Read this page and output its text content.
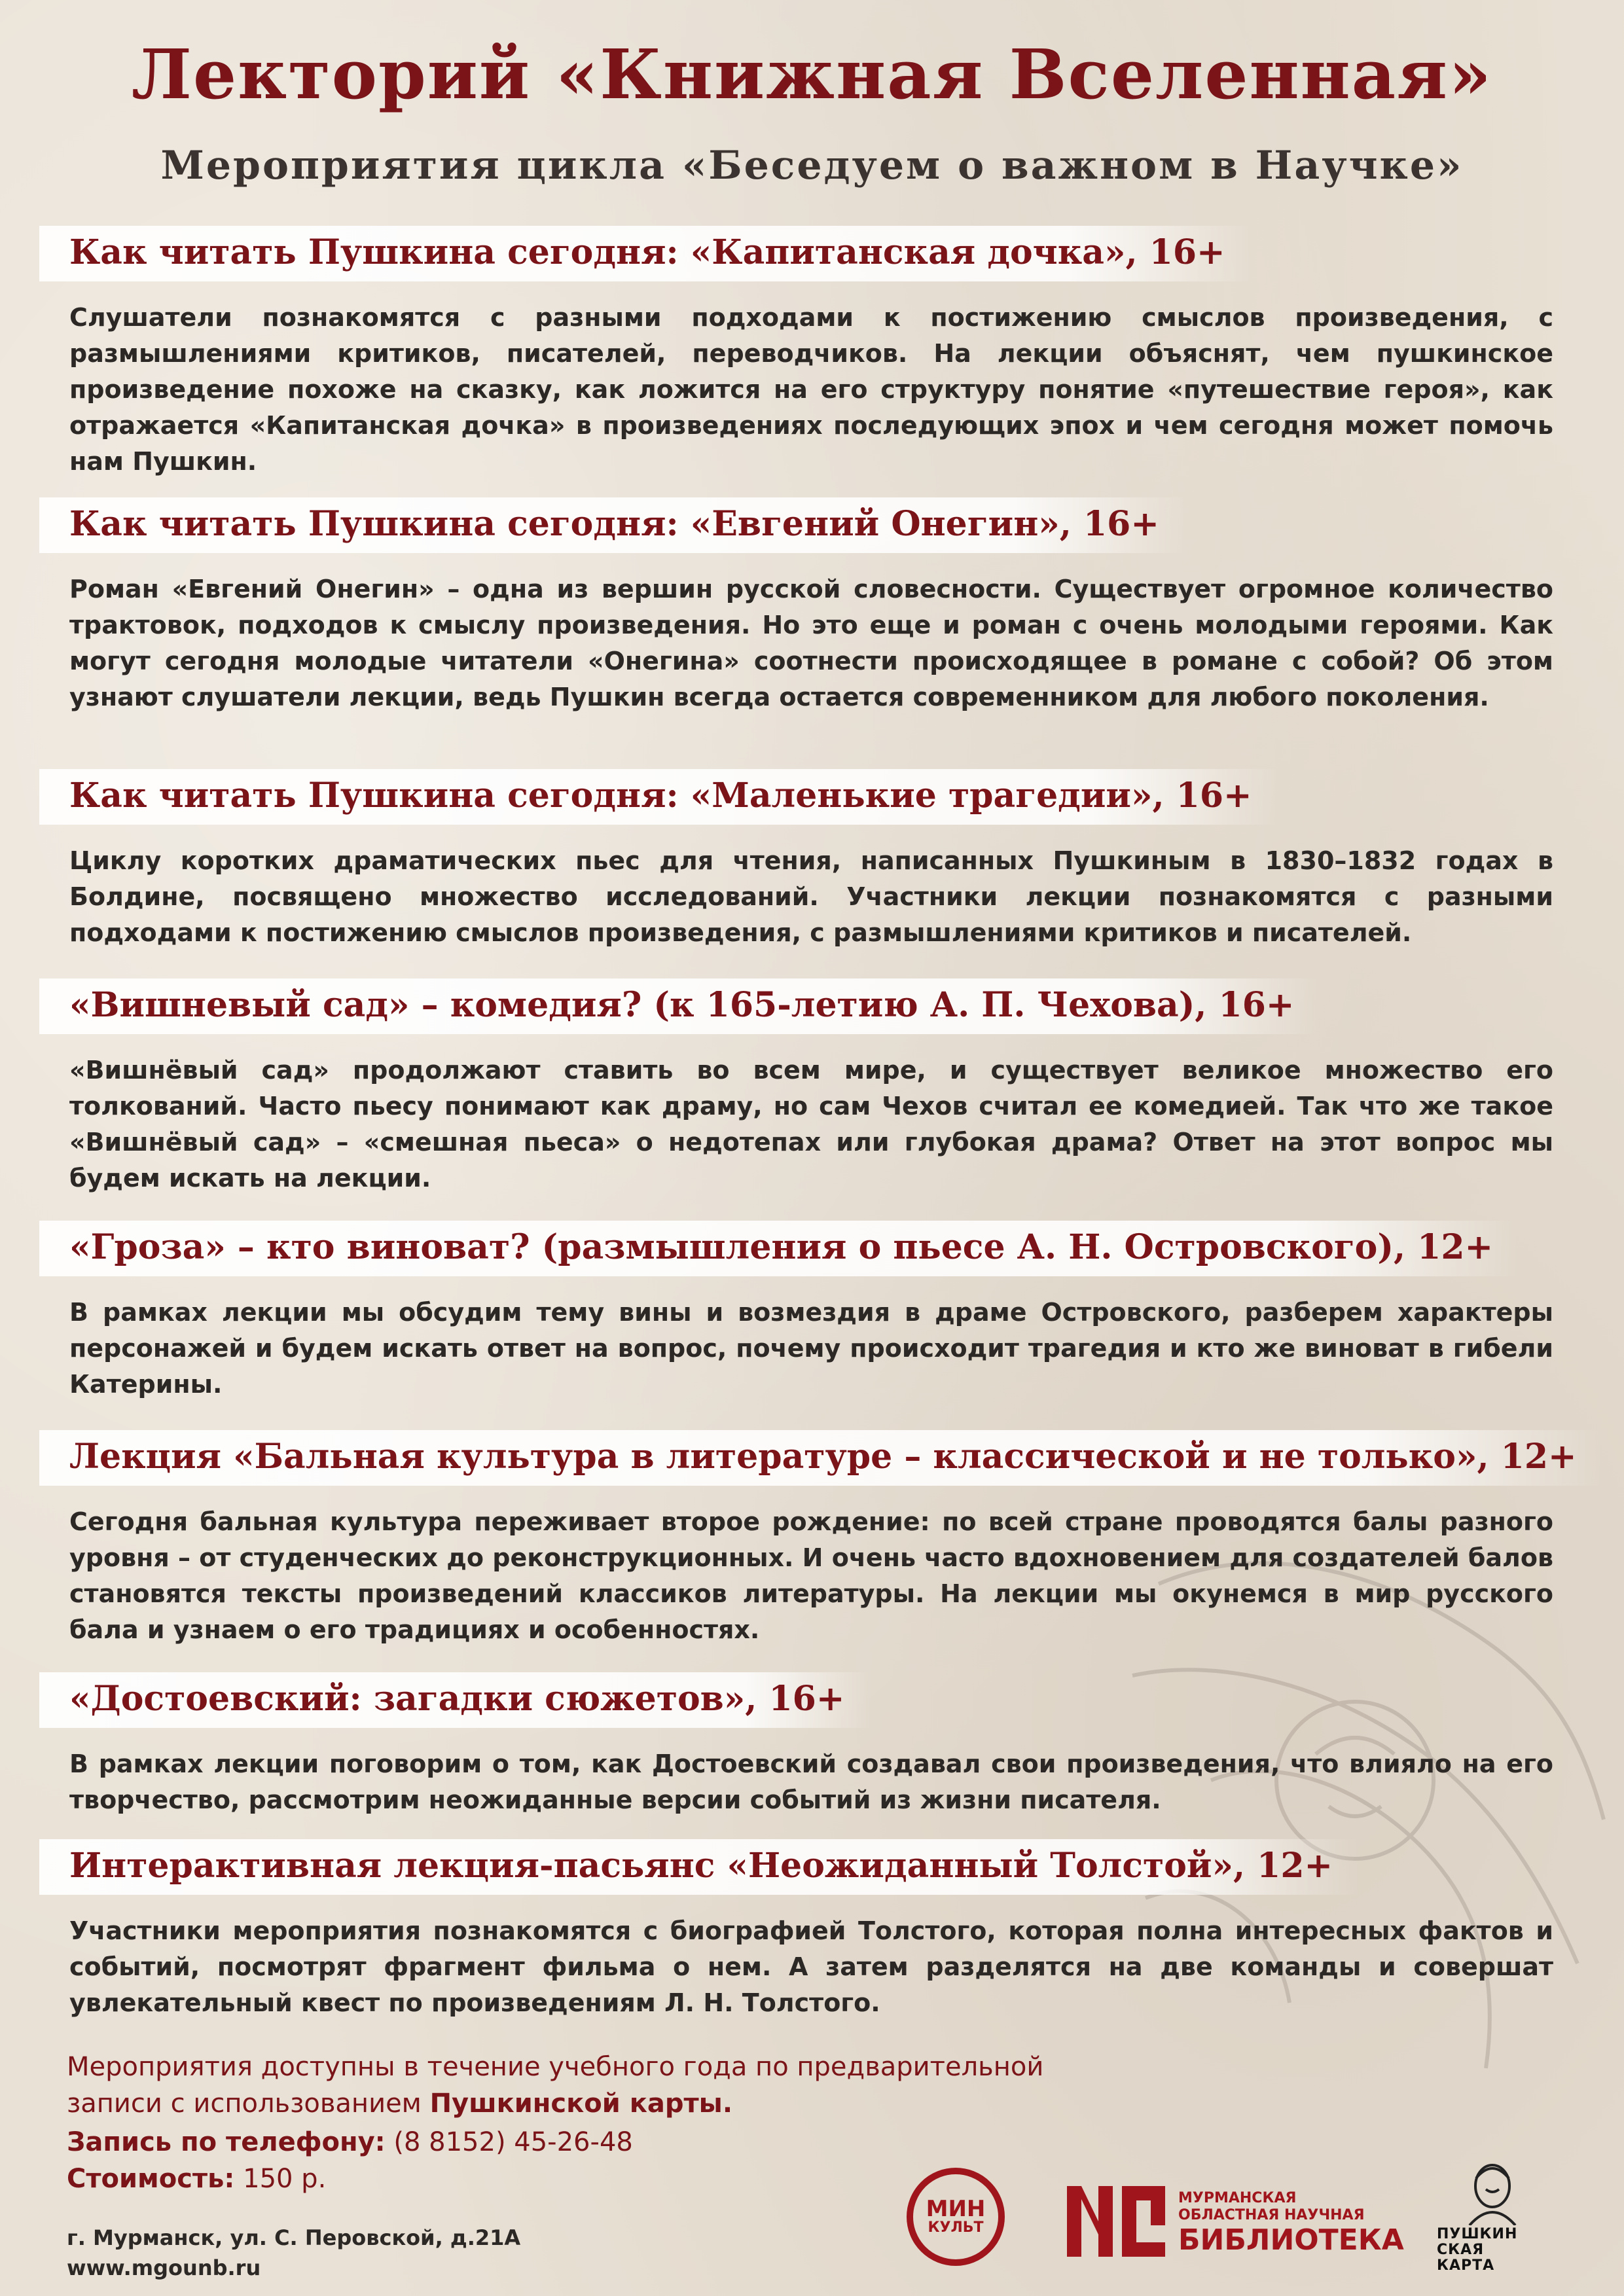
Лекторий «Книжная Вселенная»
Мероприятия цикла «Беседуем о важном в Научке»
Как читать Пушкина сегодня: «Капитанская дочка», 16+
Слушатели познакомятся с разными подходами к постижению смыслов произведения, с размышлениями критиков, писателей, переводчиков. На лекции объяснят, чем пушкинское произведение похоже на сказку, как ложится на его структуру понятие «путешествие героя», как отражается «Капитанская дочка» в произведениях последующих эпох и чем сегодня может помочь нам Пушкин.
Как читать Пушкина сегодня: «Евгений Онегин», 16+
Роман «Евгений Онегин» – одна из вершин русской словесности. Существует огромное количество трактовок, подходов к смыслу произведения. Но это еще и роман с очень молодыми героями. Как могут сегодня молодые читатели «Онегина» соотнести происходящее в романе с собой? Об этом узнают слушатели лекции, ведь Пушкин всегда остается современником для любого поколения.
Как читать Пушкина сегодня: «Маленькие трагедии», 16+
Циклу коротких драматических пьес для чтения, написанных Пушкиным в 1830–1832 годах в Болдине, посвящено множество исследований. Участники лекции познакомятся с разными подходами к постижению смыслов произведения, с размышлениями критиков и писателей.
«Вишневый сад» – комедия? (к 165-летию А. П. Чехова), 16+
«Вишнёвый сад» продолжают ставить во всем мире, и существует великое множество его толкований. Часто пьесу понимают как драму, но сам Чехов считал ее комедией. Так что же такое «Вишнёвый сад» – «смешная пьеса» о недотепах или глубокая драма? Ответ на этот вопрос мы будем искать на лекции.
«Гроза» – кто виноват? (размышления о пьесе А. Н. Островского), 12+
В рамках лекции мы обсудим тему вины и возмездия в драме Островского, разберем характеры персонажей и будем искать ответ на вопрос, почему происходит трагедия и кто же виноват в гибели Катерины.
Лекция «Бальная культура в литературе – классической и не только», 12+
Сегодня бальная культура переживает второе рождение: по всей стране проводятся балы разного уровня – от студенческих до реконструкционных. И очень часто вдохновением для создателей балов становятся тексты произведений классиков литературы. На лекции мы окунемся в мир русского бала и узнаем о его традициях и особенностях.
«Достоевский: загадки сюжетов», 16+
В рамках лекции поговорим о том, как Достоевский создавал свои произведения, что влияло на его творчество, рассмотрим неожиданные версии событий из жизни писателя.
Интерактивная лекция-пасьянс «Неожиданный Толстой», 12+
Участники мероприятия познакомятся с биографией Толстого, которая полна интересных фактов и событий, посмотрят фрагмент фильма о нем. А затем разделятся на две команды и совершат увлекательный квест по произведениям Л. Н. Толстого.
Мероприятия доступны в течение учебного года по предварительной
записи с использованием Пушкинской карты.
Запись по телефону: (8 8152) 45-26-48
Стоимость: 150 р.
г. Мурманск, ул. С. Перовской, д.21А
www.mgounb.ru
МИН
КУЛЬТ
МУРМАНСКАЯ
ОБЛАСТНАЯ НАУЧНАЯ
БИБЛИОТЕКА ПУШКИН
СКАЯ
КАРТА
